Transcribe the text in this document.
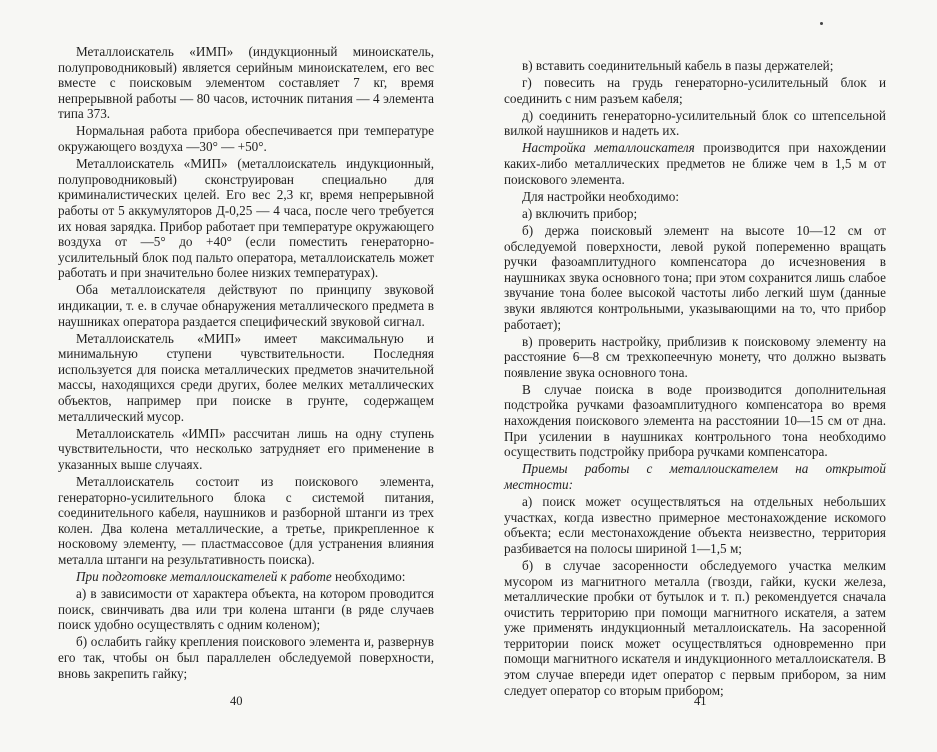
Металлоискатель «ИМП» (индукционный миноискатель, полупроводниковый) является серийным миноискателем, его вес вместе с поисковым элементом составляет 7 кг, время непрерывной работы — 80 часов, источник питания — 4 элемента типа 373.

Нормальная работа прибора обеспечивается при температуре окружающего воздуха —30° — +50°.

Металлоискатель «МИП» (металлоискатель индукционный, полупроводниковый) сконструирован специально для криминалистических целей. Его вес 2,3 кг, время непрерывной работы от 5 аккумуляторов Д-0,25 — 4 часа, после чего требуется их новая зарядка. Прибор работает при температуре окружающего воздуха от —5° до +40° (если поместить генераторно-усилительный блок под пальто оператора, металлоискатель может работать и при значительно более низких температурах).

Оба металлоискателя действуют по принципу звуковой индикации, т. е. в случае обнаружения металлического предмета в наушниках оператора раздается специфический звуковой сигнал.

Металлоискатель «МИП» имеет максимальную и минимальную ступени чувствительности. Последняя используется для поиска металлических предметов значительной массы, находящихся среди других, более мелких металлических объектов, например при поиске в грунте, содержащем металлический мусор.

Металлоискатель «ИМП» рассчитан лишь на одну ступень чувствительности, что несколько затрудняет его применение в указанных выше случаях.

Металлоискатель состоит из поискового элемента, генераторно-усилительного блока с системой питания, соединительного кабеля, наушников и разборной штанги из трех колен. Два колена металлические, а третье, прикрепленное к носковому элементу, — пластмассовое (для устранения влияния металла штанги на результативность поиска).

При подготовке металлоискателей к работе необходимо:

а) в зависимости от характера объекта, на котором проводится поиск, свинчивать два или три колена штанги (в ряде случаев поиск удобно осуществлять с одним коленом);

б) ослабить гайку крепления поискового элемента и, развернув его так, чтобы он был параллелен обследуемой поверхности, вновь закрепить гайку;

40

в) вставить соединительный кабель в пазы держателей;

г) повесить на грудь генераторно-усилительный блок и соединить с ним разъем кабеля;

д) соединить генераторно-усилительный блок со штепсельной вилкой наушников и надеть их.

Настройка металлоискателя производится при нахождении каких-либо металлических предметов не ближе чем в 1,5 м от поискового элемента.

Для настройки необходимо:

а) включить прибор;

б) держа поисковый элемент на высоте 10—12 см от обследуемой поверхности, левой рукой попеременно вращать ручки фазоамплитудного компенсатора до исчезновения в наушниках звука основного тона; при этом сохранится лишь слабое звучание тона более высокой частоты либо легкий шум (данные звуки являются контрольными, указывающими на то, что прибор работает);

в) проверить настройку, приблизив к поисковому элементу на расстояние 6—8 см трехкопеечную монету, что должно вызвать появление звука основного тона.

В случае поиска в воде производится дополнительная подстройка ручками фазоамплитудного компенсатора во время нахождения поискового элемента на расстоянии 10—15 см от дна. При усилении в наушниках контрольного тона необходимо осуществить подстройку прибора ручками компенсатора.

Приемы работы с металлоискателем на открытой местности:

а) поиск может осуществляться на отдельных небольших участках, когда известно примерное местонахождение искомого объекта; если местонахождение объекта неизвестно, территория разбивается на полосы шириной 1—1,5 м;

б) в случае засоренности обследуемого участка мелким мусором из магнитного металла (гвозди, гайки, куски железа, металлические пробки от бутылок и т. п.) рекомендуется сначала очистить территорию при помощи магнитного искателя, а затем уже применять индукционный металлоискатель. На засоренной территории поиск может осуществляться одновременно при помощи магнитного искателя и индукционного металлоискателя. В этом случае впереди идет оператор с первым прибором, за ним следует оператор со вторым прибором;

41
